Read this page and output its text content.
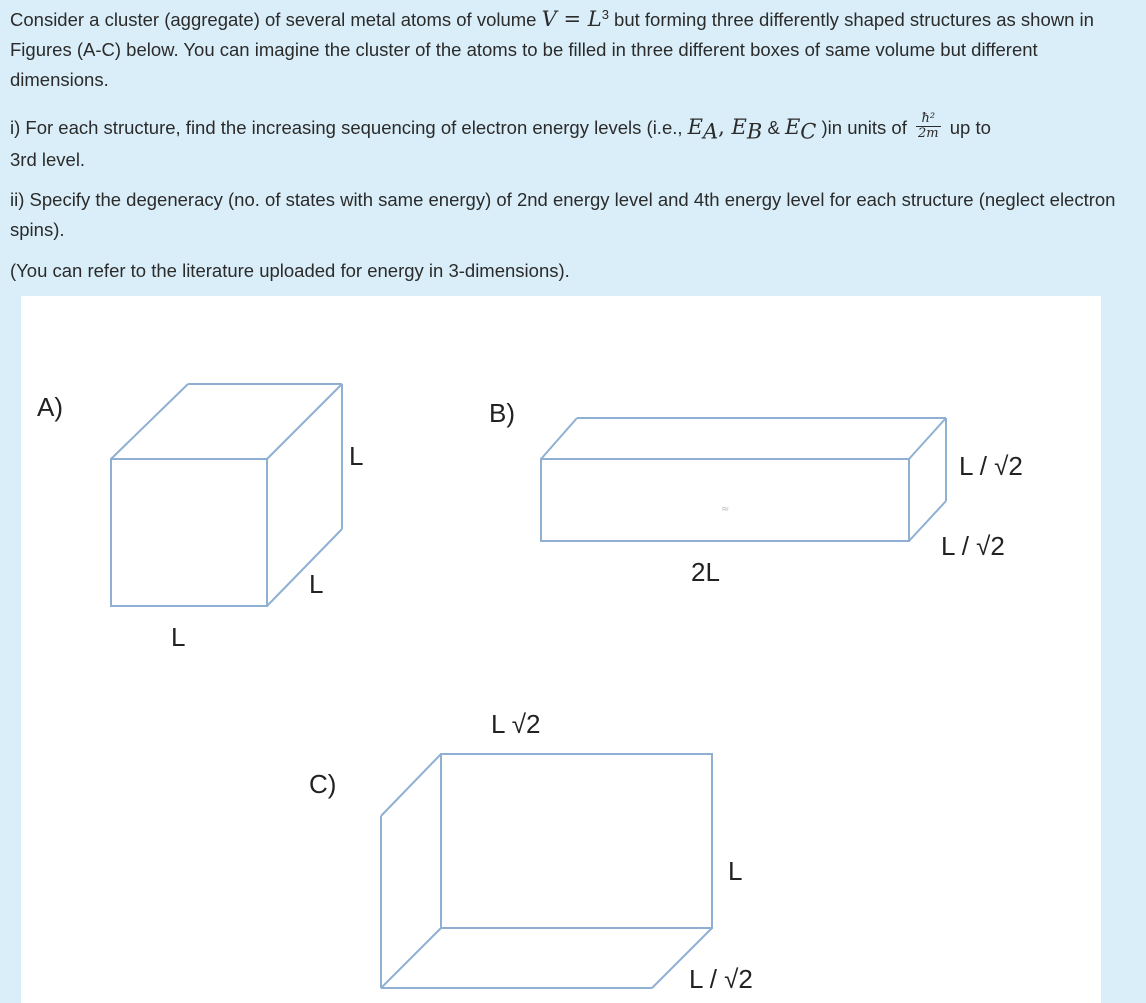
Consider a cluster (aggregate) of several metal atoms of volume $V = L^3$ but forming three differently shaped structures as shown in Figures (A-C) below. You can imagine the cluster of the atoms to be filled in three different boxes of same volume but different dimensions.

i) For each structure, find the increasing sequencing of electron energy levels (i.e., $E_A$, $E_B$ & $E_C$ )in units of $\frac{\text{ħ²}}{2m}$ up to

3rd level.

ii) Specify the degeneracy (no. of states with same energy) of 2nd energy level and 4th energy level for each structure (neglect electron spins).

(You can refer to the literature uploaded for energy in 3-dimensions).

A)
L
L
L
B)
L / √2
L / √2
2L
≈
L √2
C)
L
L / √2
